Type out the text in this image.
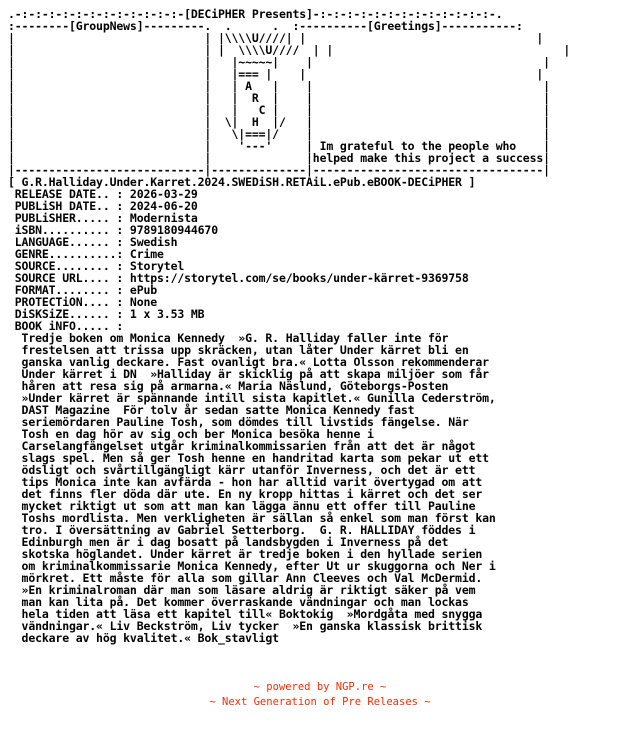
.-:-:-:-:-:-:-:-:-:-:-:-:-[DECiPHER Presents]-:-:-:-:-:-:-:-:-:-:-:-:-:-.
:--------[GroupNews]---------.  .      .  :----------[Greetings]-----------:
|                            | |\\\\U////| |                                  |
|                            | |  \\\\U////  | |                                  |
|                            |   |~~~~~|    |                                  |
|                            |   |=== |    |                                  |
|                            |   | A   |    |                                  |
|                            |   |  R  |    |                                  |
|                            |   |   C |    |                                  |
|                            |  \|  H  |/   |                                  |
|                            |   \|===|/    |                                  |
|                            |    '---'     | Im grateful to the people who    |
|                            |              |helped make this project a success|
|----------------------------|--------------|----------------------------------|
[ G.R.Halliday.Under.Karret.2024.SWEDiSH.RETAiL.ePub.eBOOK-DECiPHER ]
RELEASE DATE.. : 2026-03-29
PUBLiSH DATE.. : 2024-06-20
PUBLiSHER..... : Modernista
iSBN.......... : 9789180944670
LANGUAGE...... : Swedish
GENRE..........: Crime
SOURCE........ : Storytel
SOURCE URL.... : https://storytel.com/se/books/under-kärret-9369758
FORMAT........ : ePub
PROTECTiON.... : None
DiSKSiZE...... : 1 x 3.53 MB
BOOK iNFO..... :
Tredje boken om Monica Kennedy  »G. R. Halliday faller inte för
frestelsen att trissa upp skräcken, utan låter Under kärret bli en
ganska vanlig deckare. Fast ovanligt bra.« Lotta Olsson rekommenderar
Under kärret i DN  »Halliday är skicklig på att skapa miljöer som får
håren att resa sig på armarna.« Maria Näslund, Göteborgs-Posten
»Under kärret är spännande intill sista kapitlet.« Gunilla Cederström,
DAST Magazine  För tolv år sedan satte Monica Kennedy fast
seriemördaren Pauline Tosh, som dömdes till livstids fängelse. När
Tosh en dag hör av sig och ber Monica besöka henne i
Carselangfängelset utgår kriminalkommissarien från att det är något
slags spel. Men så ger Tosh henne en handritad karta som pekar ut ett
ödsligt och svårtillgängligt kärr utanför Inverness, och det är ett
tips Monica inte kan avfärda - hon har alltid varit övertygad om att
det finns fler döda där ute. En ny kropp hittas i kärret och det ser
mycket riktigt ut som att man kan lägga ännu ett offer till Pauline
Toshs mordlista. Men verkligheten är sällan så enkel som man först kan
tro. I översättning av Gabriel Setterborg.  G. R. HALLIDAY föddes i
Edinburgh men är i dag bosatt på landsbygden i Inverness på det
skotska höglandet. Under kärret är tredje boken i den hyllade serien
om kriminalkommissarie Monica Kennedy, efter Ut ur skuggorna och Ner i
mörkret. Ett måste för alla som gillar Ann Cleeves och Val McDermid.
»En kriminalroman där man som läsare aldrig är riktigt säker på vem
man kan lita på. Det kommer överraskande vändningar och man lockas
hela tiden att läsa ett kapitel till« Boktokig  »Mordgåta med snygga
vändningar.« Liv Beckström, Liv tycker  »En ganska klassisk brittisk
deckare av hög kvalitet.« Bok_stavligt
~ powered by NGP.re ~
~ Next Generation of Pre Releases ~
